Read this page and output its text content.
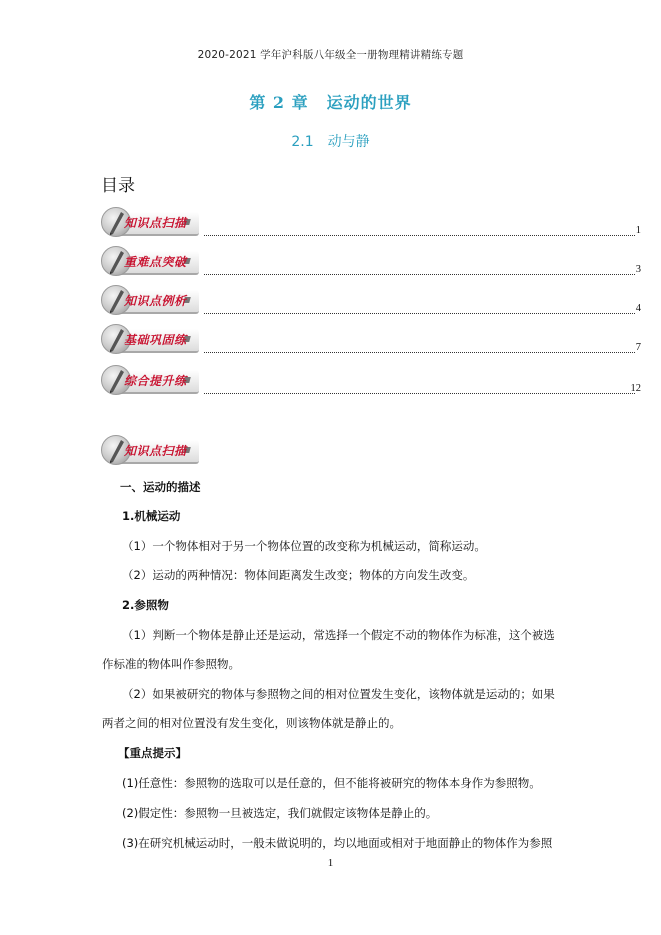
2020-2021 学年沪科版八年级全一册物理精讲精练专题
第 2 章 运动的世界
2.1 动与静
目录
知识点扫描
1
重难点突破
3
知识点例析
4
基础巩固练
7
综合提升练
12
知识点扫描
一、运动的描述
1.机械运动
（1）一个物体相对于另一个物体位置的改变称为机械运动，简称运动。
（2）运动的两种情况：物体间距离发生改变；物体的方向发生改变。
2.参照物
（1）判断一个物体是静止还是运动，常选择一个假定不动的物体作为标准，这个被选
作标准的物体叫作参照物。
（2）如果被研究的物体与参照物之间的相对位置发生变化，该物体就是运动的；如果
两者之间的相对位置没有发生变化，则该物体就是静止的。
【重点提示】
(1)任意性：参照物的选取可以是任意的，但不能将被研究的物体本身作为参照物。
(2)假定性：参照物一旦被选定，我们就假定该物体是静止的。
(3)在研究机械运动时，一般未做说明的，均以地面或相对于地面静止的物体作为参照
1
